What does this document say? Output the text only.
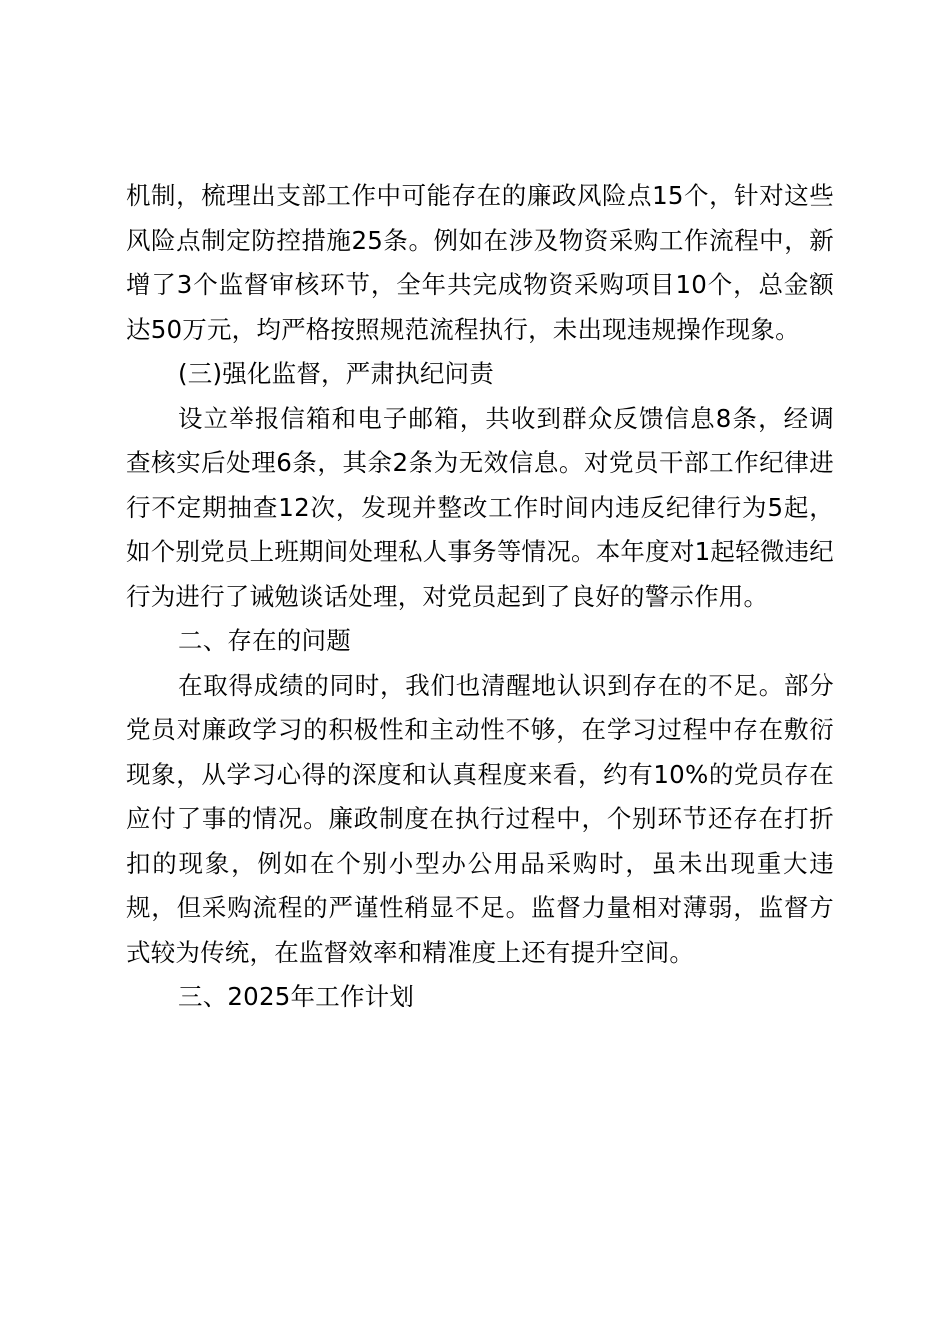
机制，梳理出支部工作中可能存在的廉政风险点15个，针对这些风险点制定防控措施25条。例如在涉及物资采购工作流程中，新增了3个监督审核环节，全年共完成物资采购项目10个，总金额达50万元，均严格按照规范流程执行，未出现违规操作现象。

(三)强化监督，严肃执纪问责

设立举报信箱和电子邮箱，共收到群众反馈信息8条，经调查核实后处理6条，其余2条为无效信息。对党员干部工作纪律进行不定期抽查12次，发现并整改工作时间内违反纪律行为5起，如个别党员上班期间处理私人事务等情况。本年度对1起轻微违纪行为进行了诫勉谈话处理，对党员起到了良好的警示作用。

二、存在的问题

在取得成绩的同时，我们也清醒地认识到存在的不足。部分党员对廉政学习的积极性和主动性不够，在学习过程中存在敷衍现象，从学习心得的深度和认真程度来看，约有10%的党员存在应付了事的情况。廉政制度在执行过程中，个别环节还存在打折扣的现象，例如在个别小型办公用品采购时，虽未出现重大违规，但采购流程的严谨性稍显不足。监督力量相对薄弱，监督方式较为传统，在监督效率和精准度上还有提升空间。

三、2025年工作计划
